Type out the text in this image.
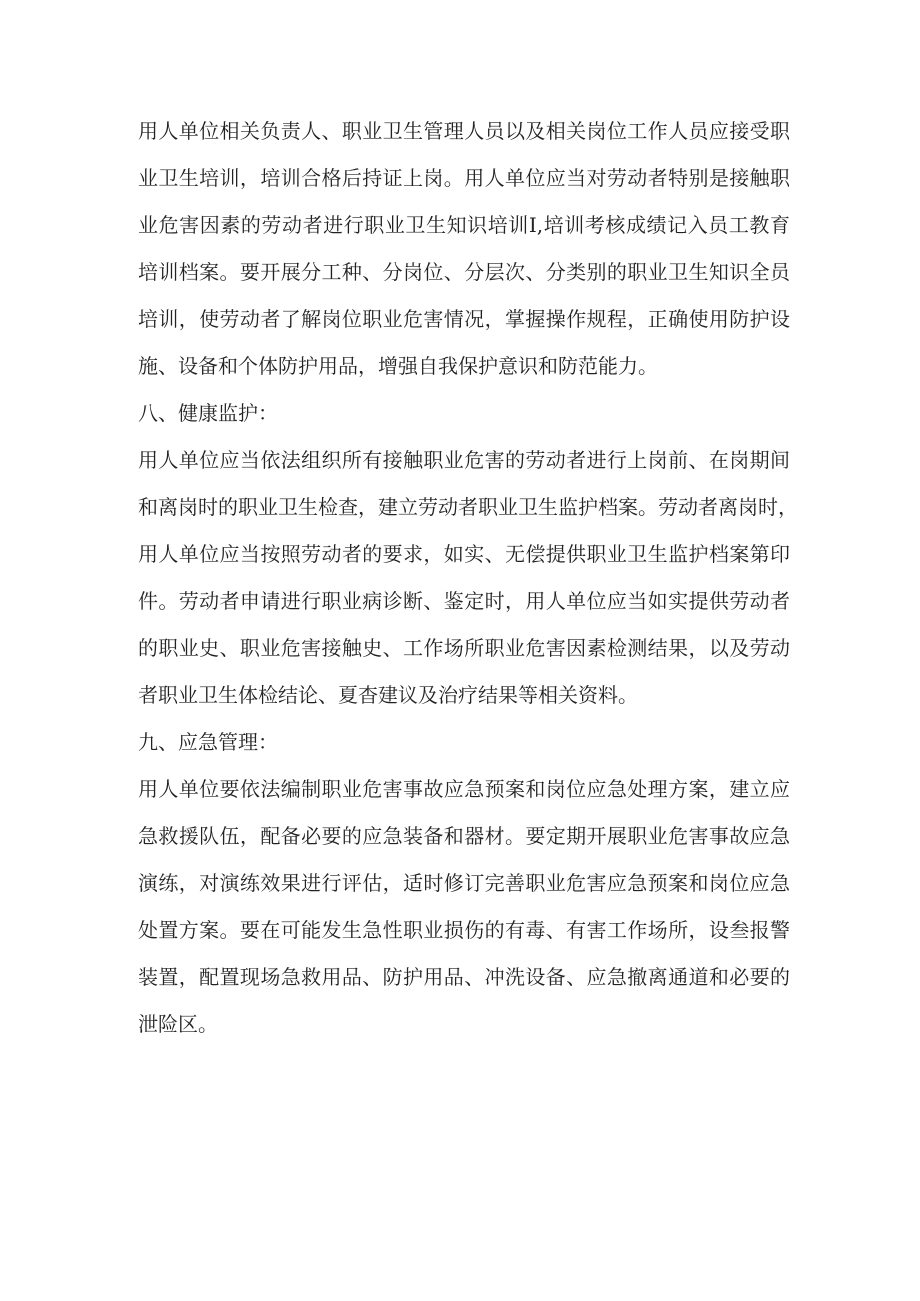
用人单位相关负责人、职业卫生管理人员以及相关岗位工作人员应接受职
业卫生培训，培训合格后持证上岗。用人单位应当对劳动者特别是接触职
业危害因素的劳动者进行职业卫生知识培训I,培训考核成绩记入员工教育
培训档案。要开展分工种、分岗位、分层次、分类别的职业卫生知识全员
培训，使劳动者了解岗位职业危害情况，掌握操作规程，正确使用防护设
施、设备和个体防护用品，增强自我保护意识和防范能力。
八、健康监护：
用人单位应当依法组织所有接触职业危害的劳动者进行上岗前、在岗期间
和离岗时的职业卫生检查，建立劳动者职业卫生监护档案。劳动者离岗时，
用人单位应当按照劳动者的要求，如实、无偿提供职业卫生监护档案第印
件。劳动者申请进行职业病诊断、鉴定时，用人单位应当如实提供劳动者
的职业史、职业危害接触史、工作场所职业危害因素检测结果，以及劳动
者职业卫生体检结论、夏杳建议及治疗结果等相关资料。
九、应急管理：
用人单位要依法编制职业危害事故应急预案和岗位应急处理方案，建立应
急救援队伍，配备必要的应急装备和器材。要定期开展职业危害事故应急
演练，对演练效果进行评估，适时修订完善职业危害应急预案和岗位应急
处置方案。要在可能发生急性职业损伤的有毒、有害工作场所，设叁报警
装置，配置现场急救用品、防护用品、冲洗设备、应急撤离通道和必要的
泄险区。
